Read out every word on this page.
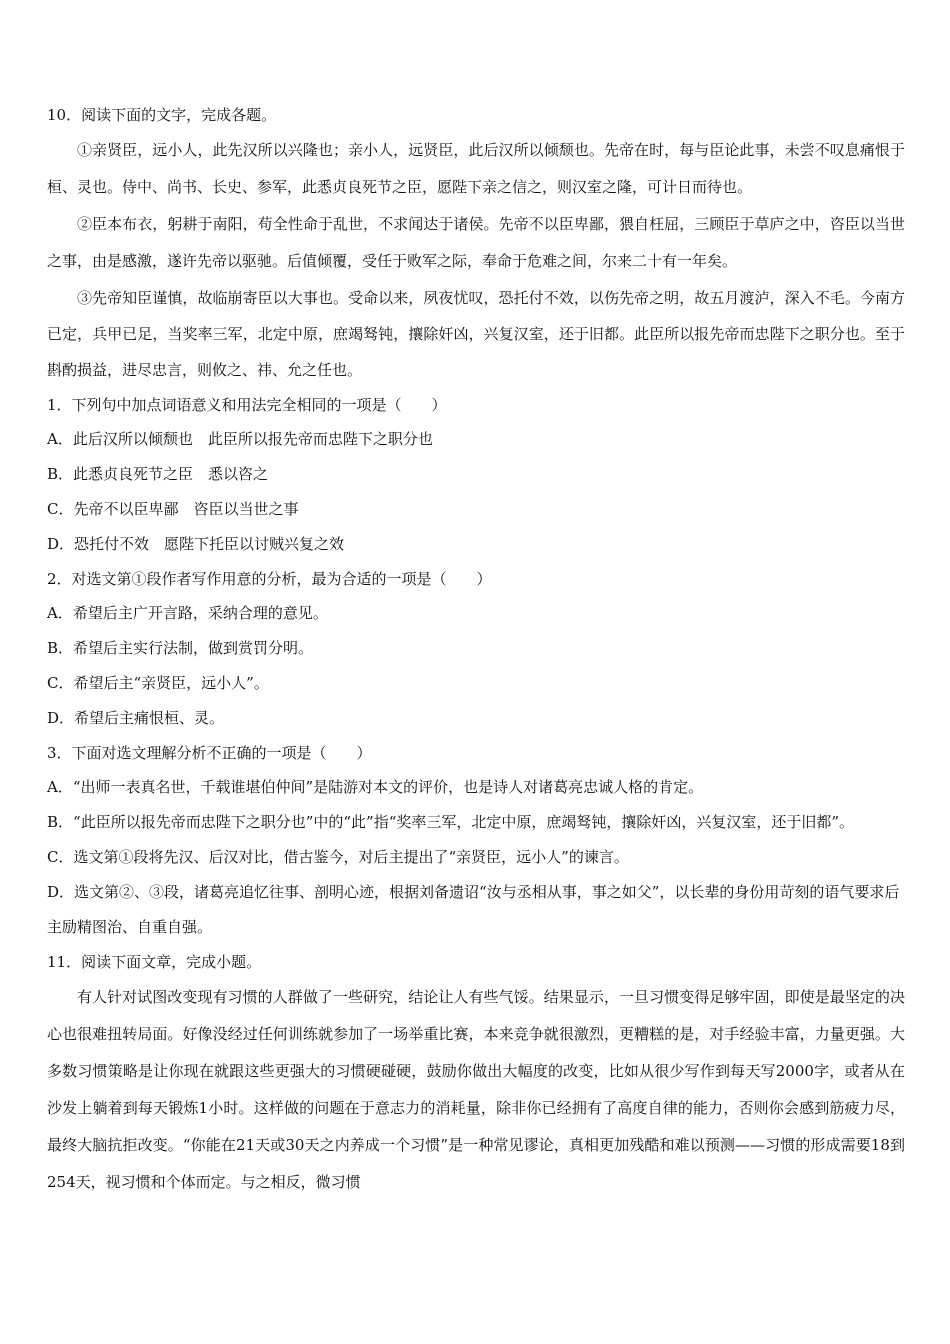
10．阅读下面的文字，完成各题。

①亲贤臣，远小人，此先汉所以兴隆也；亲小人，远贤臣，此后汉所以倾颓也。先帝在时，每与臣论此事，未尝不叹息痛恨于桓、灵也。侍中、尚书、长史、参军，此悉贞良死节之臣，愿陛下亲之信之，则汉室之隆，可计日而待也。

②臣本布衣，躬耕于南阳，苟全性命于乱世，不求闻达于诸侯。先帝不以臣卑鄙，猥自枉屈，三顾臣于草庐之中，咨臣以当世之事，由是感激，遂许先帝以驱驰。后值倾覆，受任于败军之际，奉命于危难之间，尔来二十有一年矣。

③先帝知臣谨慎，故临崩寄臣以大事也。受命以来，夙夜忧叹，恐托付不效，以伤先帝之明，故五月渡泸，深入不毛。今南方已定，兵甲已足，当奖率三军，北定中原，庶竭驽钝，攘除奸凶，兴复汉室，还于旧都。此臣所以报先帝而忠陛下之职分也。至于斟酌损益，进尽忠言，则攸之、祎、允之任也。

1．下列句中加点词语意义和用法完全相同的一项是（　　）
A．此后汉所以倾颓也　此臣所以报先帝而忠陛下之职分也
B．此悉贞良死节之臣　悉以咨之
C．先帝不以臣卑鄙　咨臣以当世之事
D．恐托付不效　愿陛下托臣以讨贼兴复之效
2．对选文第①段作者写作用意的分析，最为合适的一项是（　　）
A．希望后主广开言路，采纳合理的意见。
B．希望后主实行法制，做到赏罚分明。
C．希望后主“亲贤臣，远小人”。
D．希望后主痛恨桓、灵。
3．下面对选文理解分析不正确的一项是（　　）
A．“出师一表真名世，千载谁堪伯仲间”是陆游对本文的评价，也是诗人对诸葛亮忠诚人格的肯定。
B．“此臣所以报先帝而忠陛下之职分也”中的“此”指“奖率三军，北定中原，庶竭驽钝，攘除奸凶，兴复汉室，还于旧都”。
C．选文第①段将先汉、后汉对比，借古鉴今，对后主提出了“亲贤臣，远小人”的谏言。
D．选文第②、③段，诸葛亮追忆往事、剖明心迹，根据刘备遗诏“汝与丞相从事，事之如父”，以长辈的身份用苛刻的语气要求后主励精图治、自重自强。
11．阅读下面文章，完成小题。

有人针对试图改变现有习惯的人群做了一些研究，结论让人有些气馁。结果显示，一旦习惯变得足够牢固，即使是最坚定的决心也很难扭转局面。好像没经过任何训练就参加了一场举重比赛，本来竞争就很激烈，更糟糕的是，对手经验丰富，力量更强。大多数习惯策略是让你现在就跟这些更强大的习惯硬碰硬，鼓励你做出大幅度的改变，比如从很少写作到每天写2000字，或者从在沙发上躺着到每天锻炼1小时。这样做的问题在于意志力的消耗量，除非你已经拥有了高度自律的能力，否则你会感到筋疲力尽，最终大脑抗拒改变。“你能在21天或30天之内养成一个习惯”是一种常见谬论，真相更加残酷和难以预测——习惯的形成需要18到254天，视习惯和个体而定。与之相反，微习惯
